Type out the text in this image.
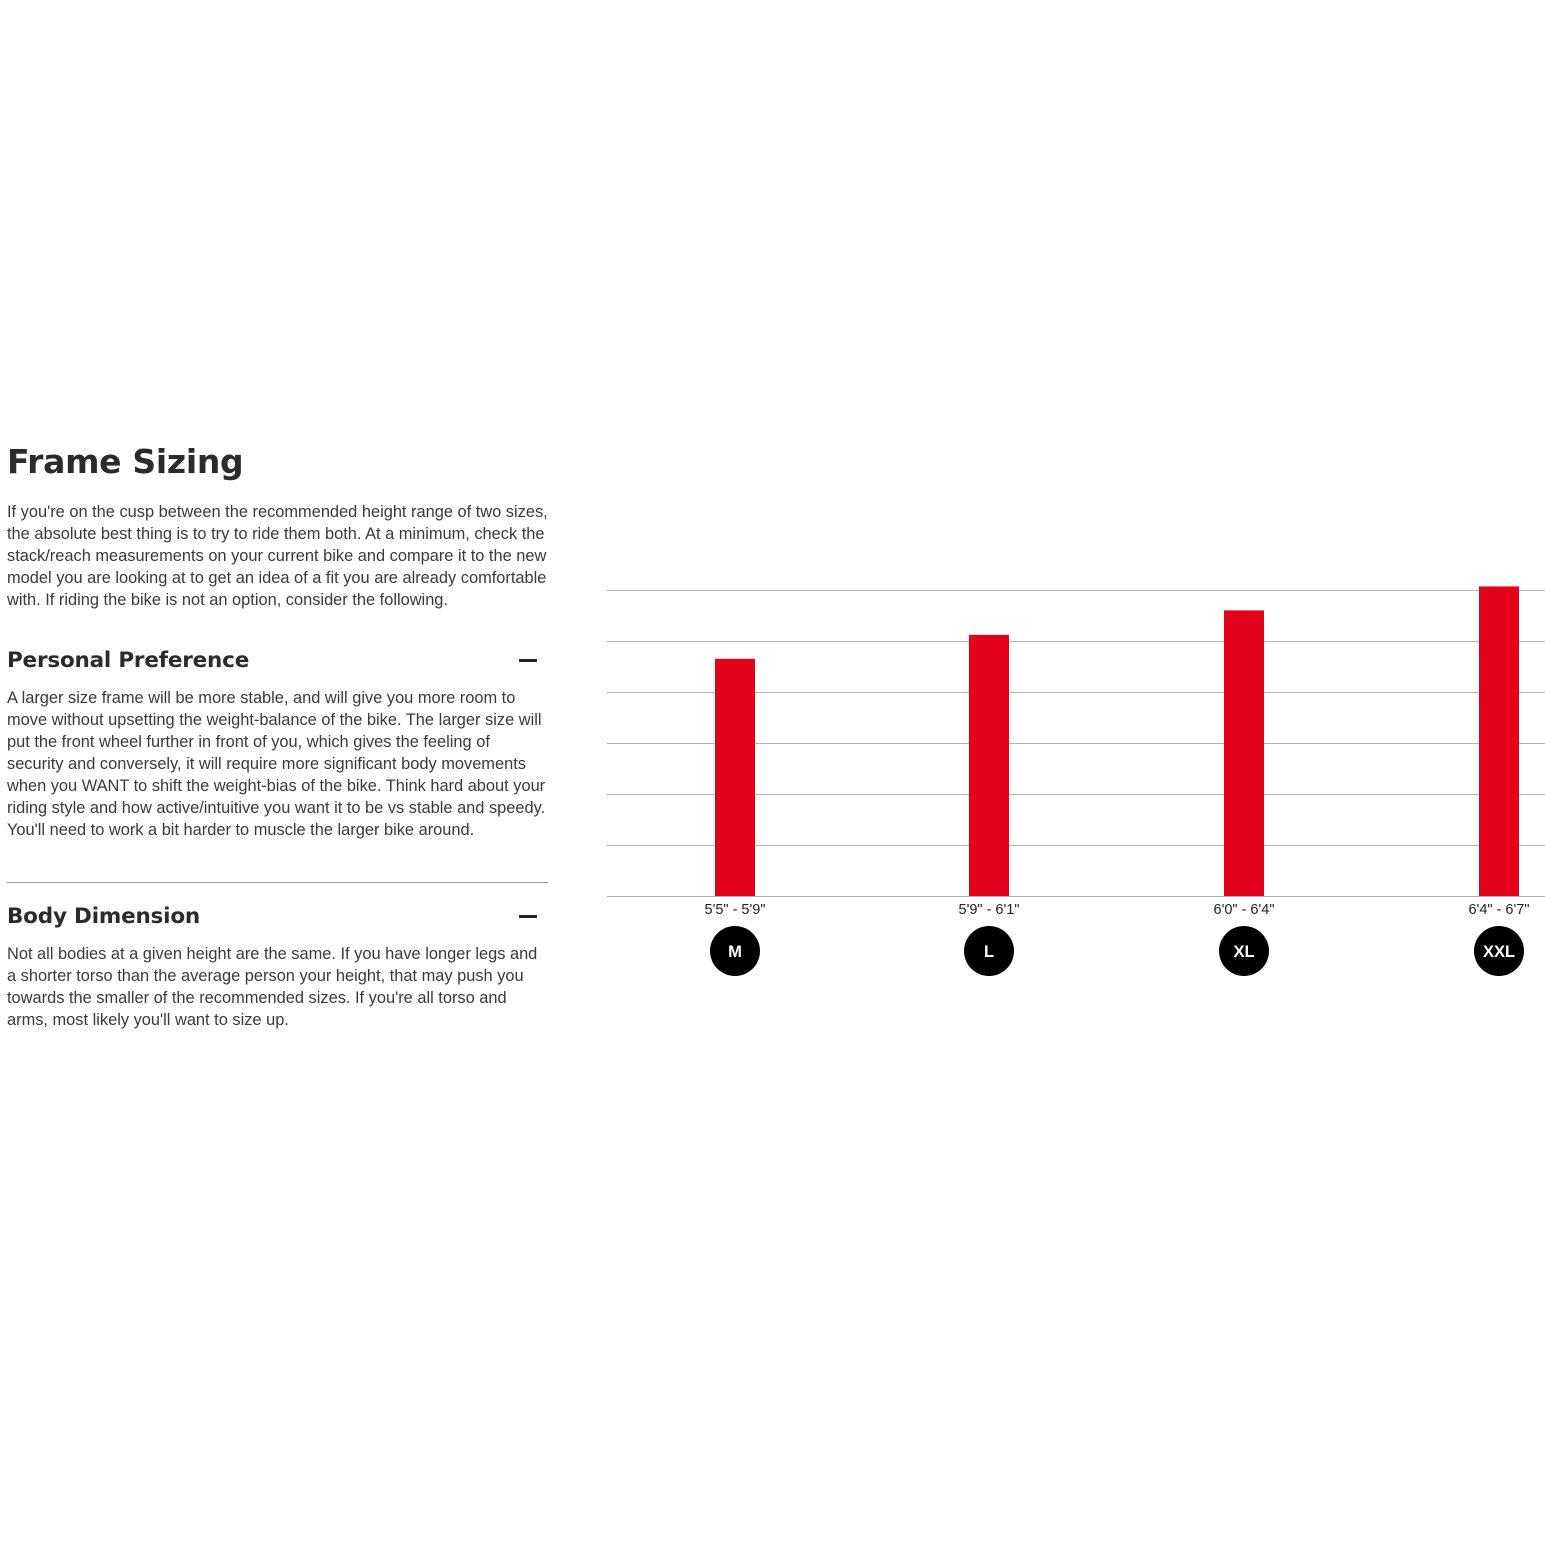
Frame Sizing

If you're on the cusp between the recommended height range of two sizes, the absolute best thing is to try to ride them both. At a minimum, check the stack/reach measurements on your current bike and compare it to the new model you are looking at to get an idea of a fit you are already comfortable with. If riding the bike is not an option, consider the following.

Personal Preference

A larger size frame will be more stable, and will give you more room to move without upsetting the weight-balance of the bike. The larger size will put the front wheel further in front of you, which gives the feeling of security and conversely, it will require more significant body movements when you WANT to shift the weight-bias of the bike. Think hard about your riding style and how active/intuitive you want it to be vs stable and speedy. You'll need to work a bit harder to muscle the larger bike around.

Body Dimension

Not all bodies at a given height are the same. If you have longer legs and a shorter torso than the average person your height, that may push you towards the smaller of the recommended sizes. If you're all torso and arms, most likely you'll want to size up.

5'5" - 5'9"
M
5'9" - 6'1"
L
6'0" - 6'4"
XL
6'4" - 6'7"
XXL
